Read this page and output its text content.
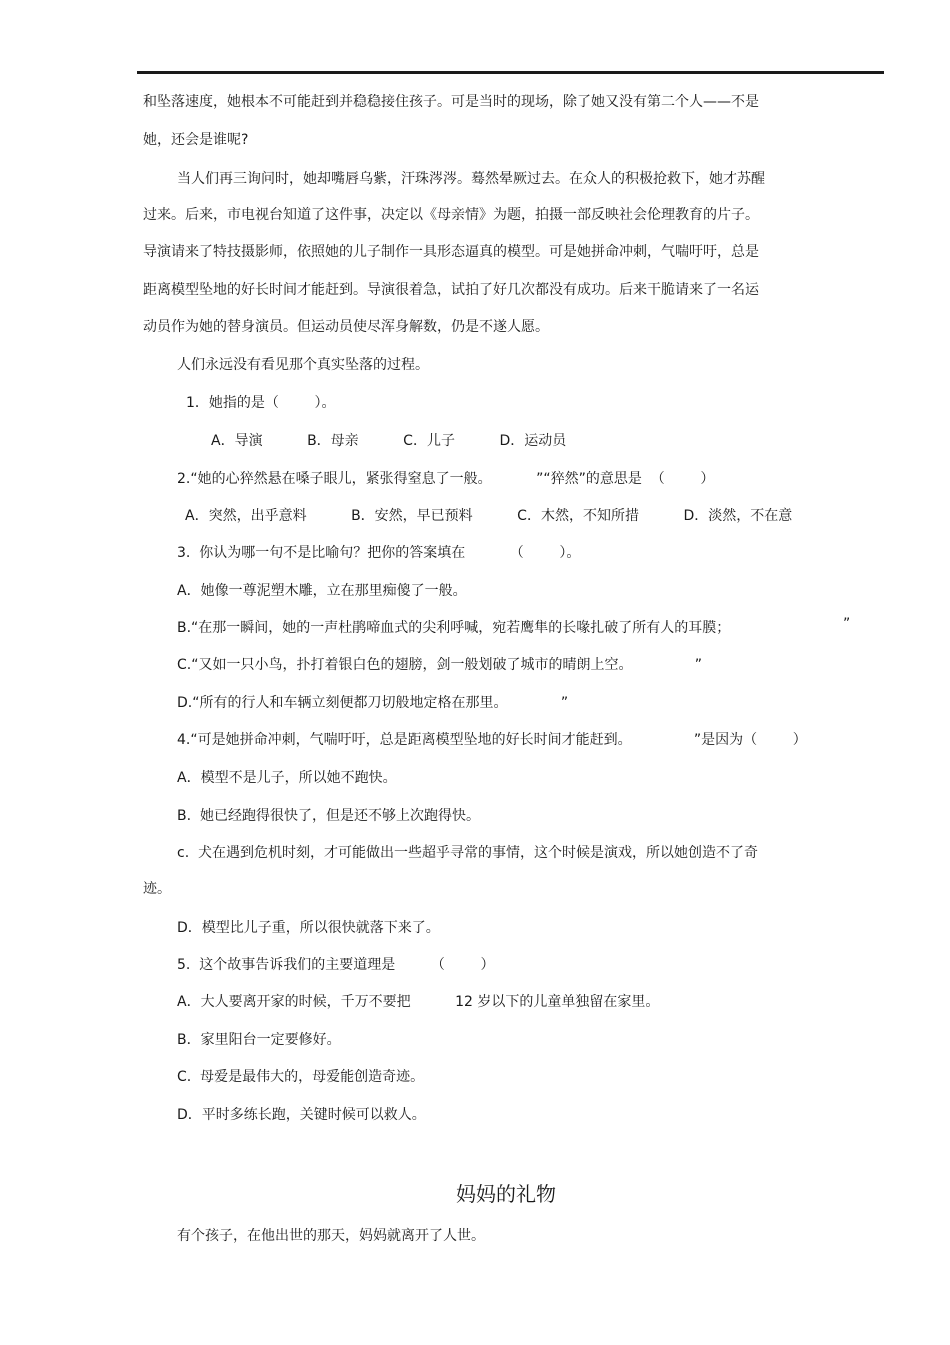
和坠落速度，她根本不可能赶到并稳稳接住孩子。可是当时的现场，除了她又没有第二个人——不是
她，还会是谁呢?
当人们再三询问时，她却嘴唇乌紫，汗珠涔涔。蓦然晕厥过去。在众人的积极抢救下，她才苏醒
过来。后来，市电视台知道了这件事，决定以《母亲情》为题，拍摄一部反映社会伦理教育的片子。
导演请来了特技摄影师，依照她的儿子制作一具形态逼真的模型。可是她拼命冲刺，气喘吁吁，总是
距离模型坠地的好长时间才能赶到。导演很着急，试拍了好几次都没有成功。后来干脆请来了一名运
动员作为她的替身演员。但运动员使尽浑身解数，仍是不遂人愿。
人们永远没有看见那个真实坠落的过程。
1．她指的是（        ）。
A．导演          B．母亲          C．儿子          D．运动员
2.“她的心猝然悬在嗓子眼儿，紧张得窒息了一般。          ”“猝然”的意思是  （        ）
A．突然，出乎意料          B．安然，早已预料          C．木然，不知所措          D．淡然，不在意
3.  你认为哪一句不是比喻句？把你的答案填在          （        ）。
A．她像一尊泥塑木雕，立在那里痴傻了一般。
B.“在那一瞬间，她的一声杜鹃啼血式的尖利呼喊，宛若鹰隼的长喙扎破了所有人的耳膜；	”
C.“又如一只小鸟，扑打着银白色的翅膀，剑一般划破了城市的晴朗上空。              ”
D.“所有的行人和车辆立刻便都刀切般地定格在那里。            ”
4.“可是她拼命冲刺，气喘吁吁，总是距离模型坠地的好长时间才能赶到。              ”是因为（        ）
A．模型不是儿子，所以她不跑快。
B.  她已经跑得很快了，但是还不够上次跑得快。
c.  犬在遇到危机时刻，才可能做出一些超乎寻常的事情，这个时候是演戏，所以她创造不了奇
迹。
D．模型比儿子重，所以很快就落下来了。
5.  这个故事告诉我们的主要道理是        （        ）
A．大人要离开家的时候，千万不要把          12 岁以下的儿童单独留在家里。
B．家里阳台一定要修好。
C.  母爱是最伟大的，母爱能创造奇迹。
D．平时多练长跑，关键时候可以救人。
妈妈的礼物
有个孩子，在他出世的那天，妈妈就离开了人世。
